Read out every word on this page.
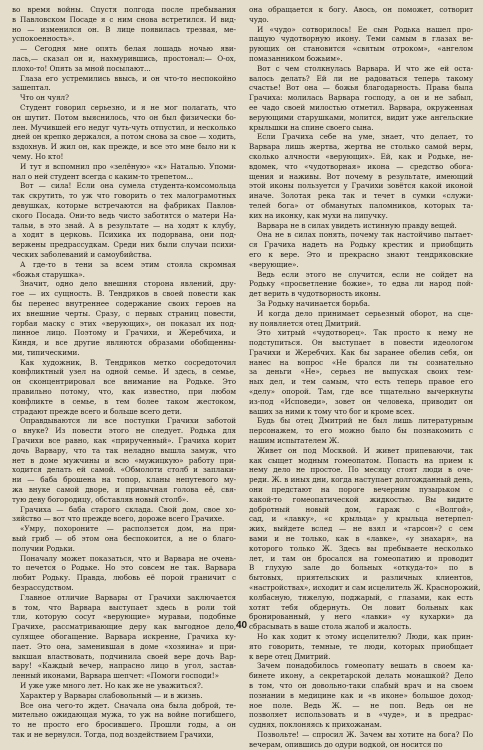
во время войны. Спустя полгода после пребывания
в Павловском Посаде я с ним снова встретился. И вид-
но — изменился он. В лице появилась трезвая, ме-
успокоенность».
— Сегодня мне опять белая лошадь ночью яви-
лась,— сказал он и, нахмурившись, простонал:— О-ох,
плохо-то! Опять за мной посылают...
Глаза его устремились ввысь, и он что-то неспокойно
зашептал.
Что он чуял?
Студент говорил серьезно, и я не мог полагать, что
он шутит. Потом выяснилось, что он был физически бо-
лен. Мучившей его недуг чуть-чуть отпустил, и несколько
дней он крепко держался, а потом снова за свое — ходить,
вздохнув. И жил он, как прежде, и все это мне было ни к
чему. Но кто!
И тут я вспомнил про «зелёную» «к» Наталью. Упоми-
нал о ней студент всегда с каким-то трепетом...
Вот — сила! Если она сумела студента-комсомольца
так скрутить, то уж что говорить о тех малограмотных
девушках, которые встречаются на фабриках Павлов-
ского Посада. Они-то ведь чисто заботятся о матери На-
тальи, в это знай. А в результате — на ходят к клубу,
а ходят в церковь. Психика их подорвана, они под-
вержены предрассудкам. Среди них были случаи психи-
ческих заболеваний и самоубийства.
А где-то в тени за всем этим стояла скромная
«божья старушка».
Значит, одно дело внешняя сторона явлений, дру-
гое — их сущность. В. Тендряков в своей повести как
бы перенес внутреннее содержание своих героев на
их внешние черты. Сразу, с первых страниц повести,
горбая маску с этих «верующих», он показал их под-
линное лицо. Поэтому и Грачихи, и Жеребчиха, и
Киндя, и все другие являются образами обобщенны-
ми, типическими.
Как художник, В. Тендряков метко сосредоточил
конфликтный узел на одной семье. И здесь, в семье,
он сконцентрировал все внимание на Родьке. Это
правильно потому, что, как известно, при любом
конфликте в семье, в тем более таком жестоком,
страдают прежде всего и больше всего дети.
Оправдываются ли все поступки Грачихи заботой
о внуке? Из повести этого не следует. Родька для
Грачихи все равно, как «прирученный». Грачиха корит
дочь Варвару, что та так неладно вышла замуж, что
нет в доме мужчины и всю «мужицкую» работу при-
ходится делать ей самой. «Обмолоти столб и заплаки-
ни — баба брошена на топор, кланы непутевого му-
жа внуке самой дворе, и привычная голова её, свя-
тую деву богородицу, обставляв новый столб».
Грачиха — баба старого склада. Свой дом, свое хо-
зяйство — вот что прежде всего, дороже всего Грачихе.
«Умру, похороните — расползется дом, на при-
вый гриб — об этом она беспокоится, а не о благо-
получии Родьки.
Поначалу может показаться, что и Варвара не очень-
то печется о Родьке. Но это совсем не так. Варвара
любит Родьку. Правда, любовь её порой граничит с
безрассудством.
Главное отличие Варвары от Грачихи заключается
в том, что Варвара выступает здесь в роли той
тли, которую сосут «верующие» муравьи, подобные
Грачихе, рассматривающие деру как выгодное дело,
сулящее обогащение. Варвара искренне, Грачиха ку-
пает. Это она, заменившая в доме «хозяина» и при-
выкшая властвовать, подчинила своей вере дочь Вар-
вару! «Каждый вечер, напрасно лицо в угол, застав-
ленный иконами, Варвара шепчет: «Помоги господи!»
И уже уже много лет. Но как же не уважиться?.
Характер у Варвары слабовольный — и в жизнь.
Все она чего-то ждет. Сначала она была доброй, те-
мительно ожидающая мужа, то уж на войне погибшего,
то не просто его бросившего. Прошли годы, а он
так и не вернулся. Тогда, под воздействием Грачихи,
она обращается к богу. Авось, он поможет, сотворит
чудо.
И «чудо» сотворилось! Ее сын Родька нашел про-
пащую чудотворную икону. Теми самым в глазах ве-
рующих он становится «святым отроком», «ангелом
помазанником божьим».
Вот с чем столкнулась Варвара. И что же ей оста-
валось делать? Ей ли не радоваться теперь такому
счастье! Вот она — божья благодарность. Права была
Грачиха: молилась Варвара господу, а он и не забыл,
ее чадо своей милостью отметил. Варвара, окруженная
верующими старушками, молится, видит уже ангельские
крыльшки на спине своего сына.
Если Грачиха себе на уме, знает, что делает, то
Варвара лишь жертва, жертва не столько самой веры,
сколько алчности «верующих». Ей, как и Родьке, не-
вдомек, что «чудотворная» икона — средство обога-
щения и наживы. Вот почему в результате, имеющий
этой иконы пользуется у Грачихи зовётся какой иконой
иначе. Золотая река так и течет в сумки «служи-
телей бога» от обманутых паломников, которых та-
ких на иконку, как мухи на липучку.
Варвара не в силах увидеть истинную правду вещей.
Она не в силах понять, почему так настойчиво пытает-
ся Грачиха надеть на Родьку крестик и приобщить
его к вере. Это и прекрасно знают тендряковские
«верующие».
Ведь если этого не случится, если не сойдет на
Родьку «просветление божие», то едва ли народ пой-
дет верить в чудотворность иконы.
За Родьку начинается борьба.
И когда дело принимает серьезный оборот, на сце-
ну появляется отец Дмитрий.
Это хитрый «чудотворец». Так просто к нему не
подступиться. Он выступает в повести идеологом
Грачихи и Жеребчих. Как бы заранее обелив себя, он
нанес на вопрос «Не брался ли ты сознательно
за деньги «Не», серьез не выпуская своих тем-
ных дел, и тем самым, что есть теперь правое его
«делу» опорой. Там, где все тщательно вычеркнуты
из-под «Исповеди», зовет он человека, приводит он
ваших за ними к тому что бог и кроме всех.
Будь бы отец Дмитрий не был лишь литературным
персонажем, то его можно было бы познакомить с
нашим испытателем Ж.
Живет он под Москвой. И живет припеваючи, так
как сыщет модным гомеопатом. Попасть на прием к
нему дело не простое. По месяцу стоят люди в оче-
реди. Ж. в иных дни, когда наступает долгожданный день,
они предстают на пороге вечерним пузырьком с
какой-то гомеопатической жидкостью. Вы видите
добротный новый дом, гараж с «Волгой»,
сад, и «лавку», «с крыльца» у крыльца нетерпел-
жих, выйдете вслед — не взял и «гарсон»? с сем
вами и не только, как в «лавке», «у знахаря», на
которого только Ж. Здесь вы пребываете несколько
лет, и там он бросался на гомеопатию и проводит
В глухую зале до больных «откуда-то» по в
бытовых, приятельских и различных клиентов,
«настройствах», исходит и сам исцелитель Ж. Краснорожий,
колбасную, тяжелую, поджарый, с глазами, как есть
хотят тебя обдернуть. Он ловит больных как
бронированный, у него «лавки» «у кухарки» да
сбрасывать в ваше стола жалоб и жалость.
Но как ходит к этому исцелителю? Люди, как прин-
ято говорить, темные, те люди, которых приобщает
к вере отец Дмитрий.
Зачем понадобилось гомеопату вешать в своем ка-
бинете икону, а секретарской делать монашкой? Дело
в том, что он довольно-таки слабый врач и на своем
познании в медицине как и «в иконе» большое доход-
ное поле. Ведь Ж. — не поп. Ведь он не
позволяет использовать и в «чуде», и в предрас-
суднях, поклоняясь к прихожанам.
Позвольте! — спросил Ж. Зачем вы хотите на бога? По
вечерам, опившись до одури водкой, он носится по
40
